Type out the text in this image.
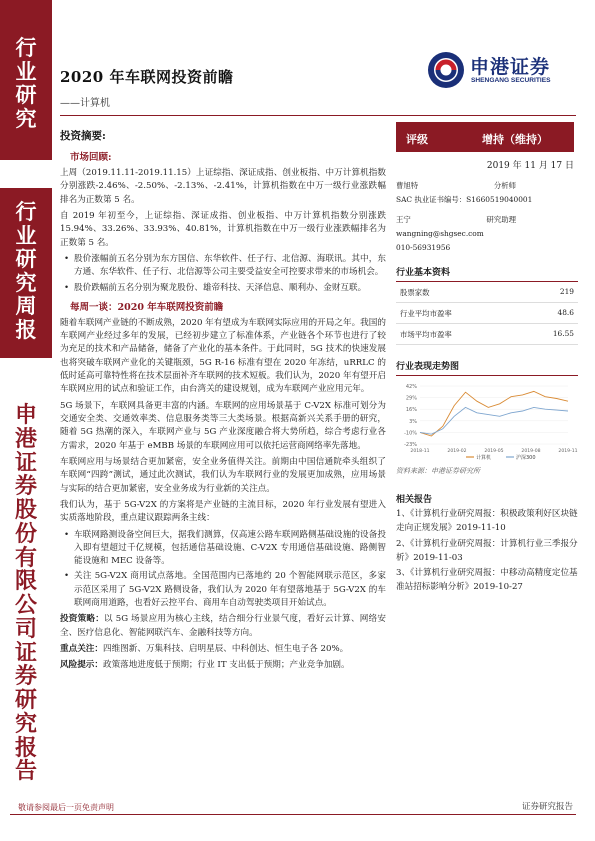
行业研究
行业研究周报
申港证券股份有限公司证券研究报告
2020 年车联网投资前瞻
——计算机
申港证券
SHENGANG SECURITIES
投资摘要:
市场回顾:

上周（2019.11.11-2019.11.15）上证综指、深证成指、创业板指、中万计算机指数分别涨跌-2.46%、-2.50%、-2.13%、-2.41%，计算机指数在中万一级行业涨跌幅排名为正数第 5 名。

自 2019 年初至今，上证综指、深证成指、创业板指、中万计算机指数分别涨跌 15.94%、33.26%、33.93%、40.81%，计算机指数在中万一级行业涨跌幅排名为正数第 5 名。

• 股价涨幅前五名分别为东方国信、东华软件、任子行、北信源、海联讯。其中，东方通、东华软件、任子行、北信源等公司主要受益安全可控要求带来的市场机会。
• 股价跌幅前五名分别为聚龙股份、雄帝科技、天泽信息、顺利办、金财互联。
每周一谈：2020 年车联网投资前瞻

随着车联网产业链的不断成熟，2020 年有望成为车联网实际应用的开局之年。我国的车联网产业经过多年的发展，已经初步建立了标准体系，产业链各个环节也进行了较为充足的技术和产品储备，储备了产业化的基本条件。于此同时，5G 技术的快速发展也将突破车联网产业化的关键瓶颈，5G R-16 标准有望在 2020 年冻结，uRRLC 的低时延高可靠特性将在技术层面补齐车联网的技术短板。我们认为，2020 年有望开启车联网应用的试点和验证工作，由台湾关的建设规划，成为车联网产业应用元年。

5G 场景下，车联网具备更丰富的内涵。车联网的应用场景基于 C-V2X 标准可划分为交通安全类、交通效率类、信息服务类等三大类场景。根据高新兴关系手册的研究，随着 5G 热潮的深入，车联网产业与 5G 产业深度融合将大势所趋，综合考虑行业各方需求，2020 年基于 eMBB 场景的车联网应用可以依托运营商网络率先落地。

车联网应用与场景结合更加紧密，安全业务值得关注。前期由中国信通院牵头组织了车联网“四跨”测试，通过此次测试，我们认为车联网行业的发展更加成熟，应用场景与实际的结合更加紧密，安全业务成为行业新的关注点。

我们认为，基于 5G-V2X 的方案将是产业链的主流目标，2020 年行业发展有望进入实质落地阶段，重点建议跟踪两条主线：

• 车联网路测设备空间巨大，据我们测算，仅高速公路车联网路侧基础设施的设备投入即有望超过千亿规模，包括通信基础设施、C-V2X 专用通信基础设施、路侧智能设施和 MEC 设备等。
• 关注 5G-V2X 商用试点落地。全国范围内已落地约 20 个智能网联示范区，多家示范区采用了 5G-V2X 路侧设备，我们认为 2020 年有望落地基于 5G-V2X 的车联网商用道路，也看好云控平台、商用车自动驾驶类项目开始试点。

投资策略：以 5G 场景应用为核心主线，结合细分行业景气度，看好云计算、网络安全、医疗信息化、智能网联汽车、金融科技等方向。

重点关注：四维图新、万集科技、启明星辰、中科创达、恒生电子各 20%。

风险提示：政策落地进度低于预期；行业 IT 支出低于预期；产业竞争加剧。

评级	增持（维持）
2019 年 11 月 17 日
曹旭特	分析师
SAC 执业证书编号：S1660519040001
王宁	研究助理
wangning@shgsec.com
010-56931956
行业基本资料
股票家数	219
行业平均市盈率	48.6
市场平均市盈率	16.55
行业表现走势图
42%
29%
16%
3%
-10%
-23%
2018-11	2019-02	2019-05	2019-08	2019-11
计算机	沪深300
资料来源：申港证券研究所
相关报告
1、《计算机行业研究周报：积极政策利好区块链走向正规发展》2019-11-10
2、《计算机行业研究周报：计算机行业三季报分析》2019-11-03
3、《计算机行业研究周报：中移动高精度定位基准站招标影响分析》2019-10-27
敬请参阅最后一页免责声明	证券研究报告
